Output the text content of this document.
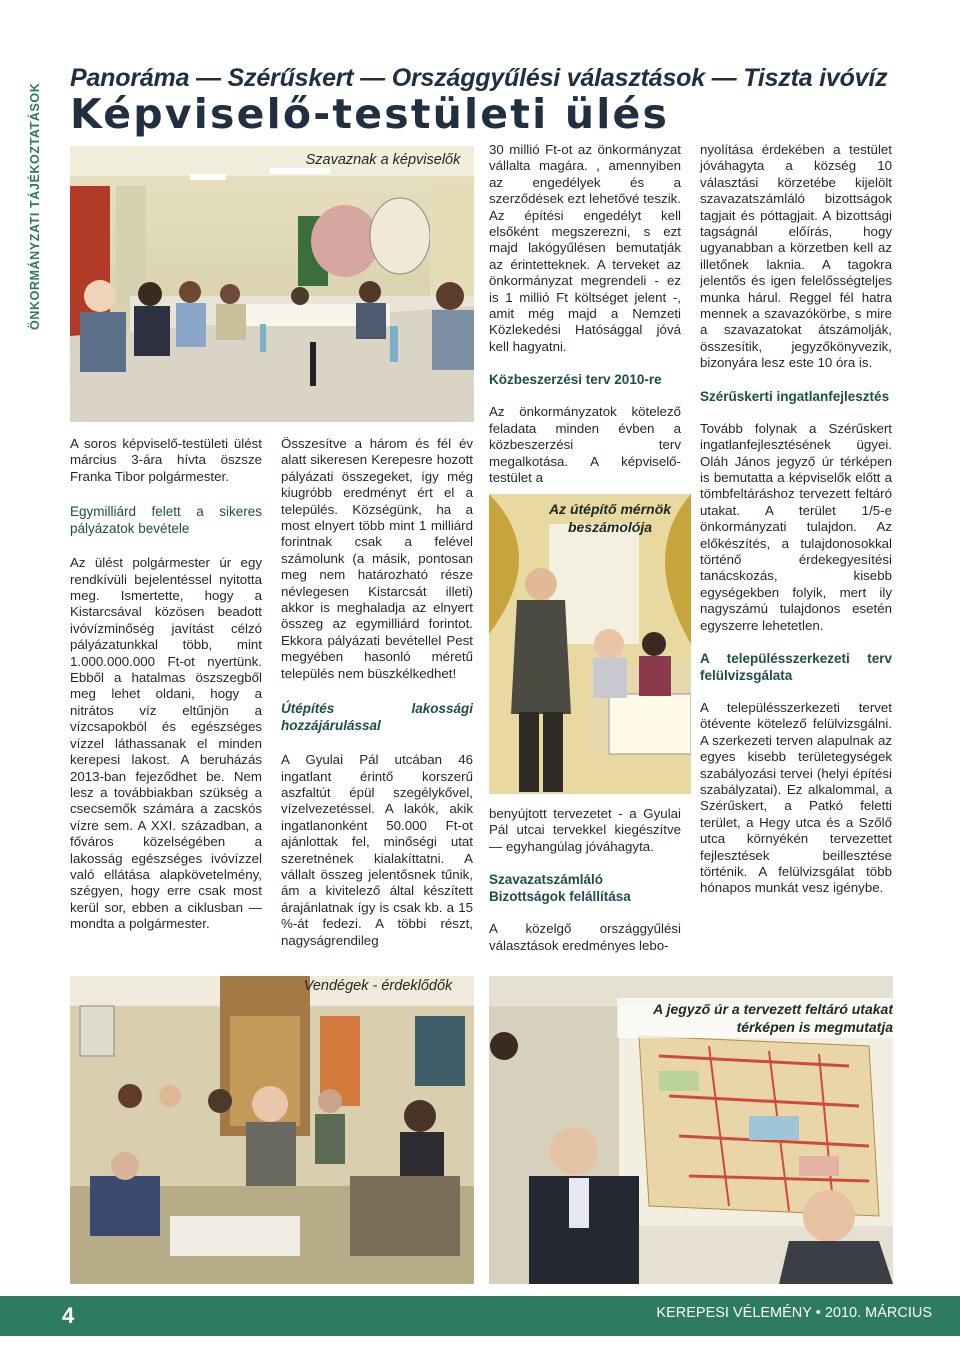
ÖNKORMÁNYZATI TÁJÉKOZTATÁSOK
Panoráma — Szérűskert — Országgyűlési választások — Tiszta ivóvíz
Képviselő-testületi ülés
Szavaznak a képviselők
Az útépítő mérnök beszámolója
Vendégek - érdeklődők
A jegyző úr a tervezett feltáró utakat térképen is megmutatja

A soros képviselő-testületi ülést március 3-ára hívta öszsze Franka Tibor polgármester.

Egymilliárd felett a sikeres pályázatok bevétele

Az ülést polgármester úr egy rendkívüli bejelentéssel nyitotta meg. Ismertette, hogy a Kistarcsával közösen beadott ivóvízminőség javítást célzó pályázatunkkal több, mint 1.000.000.000 Ft-ot nyertünk. Ebből a hatalmas öszszegből meg lehet oldani, hogy a nitrátos víz eltűnjön a vízcsapokból és egészséges vízzel láthassanak el minden kerepesi lakost. A beruházás 2013-ban fejeződhet be. Nem lesz a továbbiakban szükség a csecsemők számára a zacskós vízre sem. A XXI. században, a főváros közelségében a lakosság egészséges ivóvízzel való ellátása alapkövetelmény, szégyen, hogy erre csak most kerül sor, ebben a ciklusban — mondta a polgármester.

Összesítve a három és fél év alatt sikeresen Kerepesre hozott pályázati összegeket, így még kiugróbb eredményt ért el a település. Községünk, ha a most elnyert több mint 1 milliárd forintnak csak a felével számolunk (a másik, pontosan meg nem határozható része névlegesen Kistarcsát illeti) akkor is meghaladja az elnyert összeg az egymilliárd forintot. Ekkora pályázati bevétellel Pest megyében hasonló méretű település nem büszkélkedhet!

Útépítés lakossági hozzájárulással

A Gyulai Pál utcában 46 ingatlant érintő korszerű aszfaltút épül szegélykővel, vízelvezetéssel. A lakók, akik ingatlanonként 50.000 Ft-ot ajánlottak fel, minőségi utat szeretnének kialakíttatni. A vállalt összeg jelentősnek tűnik, ám a kivitelező által készített árajánlatnak így is csak kb. a 15 %-át fedezi. A többi részt, nagyságrendileg

30 millió Ft-ot az önkormányzat vállalta magára. , amennyiben az engedélyek és a szerződések ezt lehetővé teszik. Az építési engedélyt kell elsőként megszerezni, s ezt majd lakógyűlésen bemutatják az érintetteknek. A terveket az önkormányzat megrendeli - ez is 1 millió Ft költséget jelent -, amit még majd a Nemzeti Közlekedési Hatósággal jóvá kell hagyatni.

Közbeszerzési terv 2010-re

Az önkormányzatok kötelező feladata minden évben a közbeszerzési terv megalkotása. A képviselő-testület a

benyújtott tervezetet - a Gyulai Pál utcai tervekkel kiegészítve — egyhangúlag jóváhagyta.

Szavazatszámláló Bizottságok felállítása

A közelgő országgyűlési választások eredményes lebo-

nyolítása érdekében a testület jóváhagyta a község 10 választási körzetébe kijelölt szavazatszámláló bizottságok tagjait és póttagjait. A bizottsági tagságnál előírás, hogy ugyanabban a körzetben kell az illetőnek laknia. A tagokra jelentős és igen felelősségteljes munka hárul. Reggel fél hatra mennek a szavazókörbe, s mire a szavazatokat átszámolják, összesítik, jegyzőkönyvezik, bizonyára lesz este 10 óra is.

Szérűskerti ingatlanfejlesztés

Tovább folynak a Szérűskert ingatlanfejlesztésének ügyei. Oláh János jegyző úr térképen is bemutatta a képviselők előtt a tömbfeltáráshoz tervezett feltáró utakat. A terület 1/5-e önkormányzati tulajdon. Az előkészítés, a tulajdonosokkal történő érdekegyesítési tanácskozás, kisebb egységekben folyik, mert ily nagyszámú tulajdonos esetén egyszerre lehetetlen.

A településszerkezeti terv felülvizsgálata

A településszerkezeti tervet ötévente kötelező felülvizsgálni. A szerkezeti terven alapulnak az egyes kisebb területegységek szabályozási tervei (helyi építési szabályzatai). Ez alkalommal, a Szérűskert, a Patkó feletti terület, a Hegy utca és a Szőlő utca környékén tervezettet fejlesztések beillesztése történik. A felülvizsgálat több hónapos munkát vesz igénybe.

4	KEREPESI VÉLEMÉNY • 2010. MÁRCIUS
